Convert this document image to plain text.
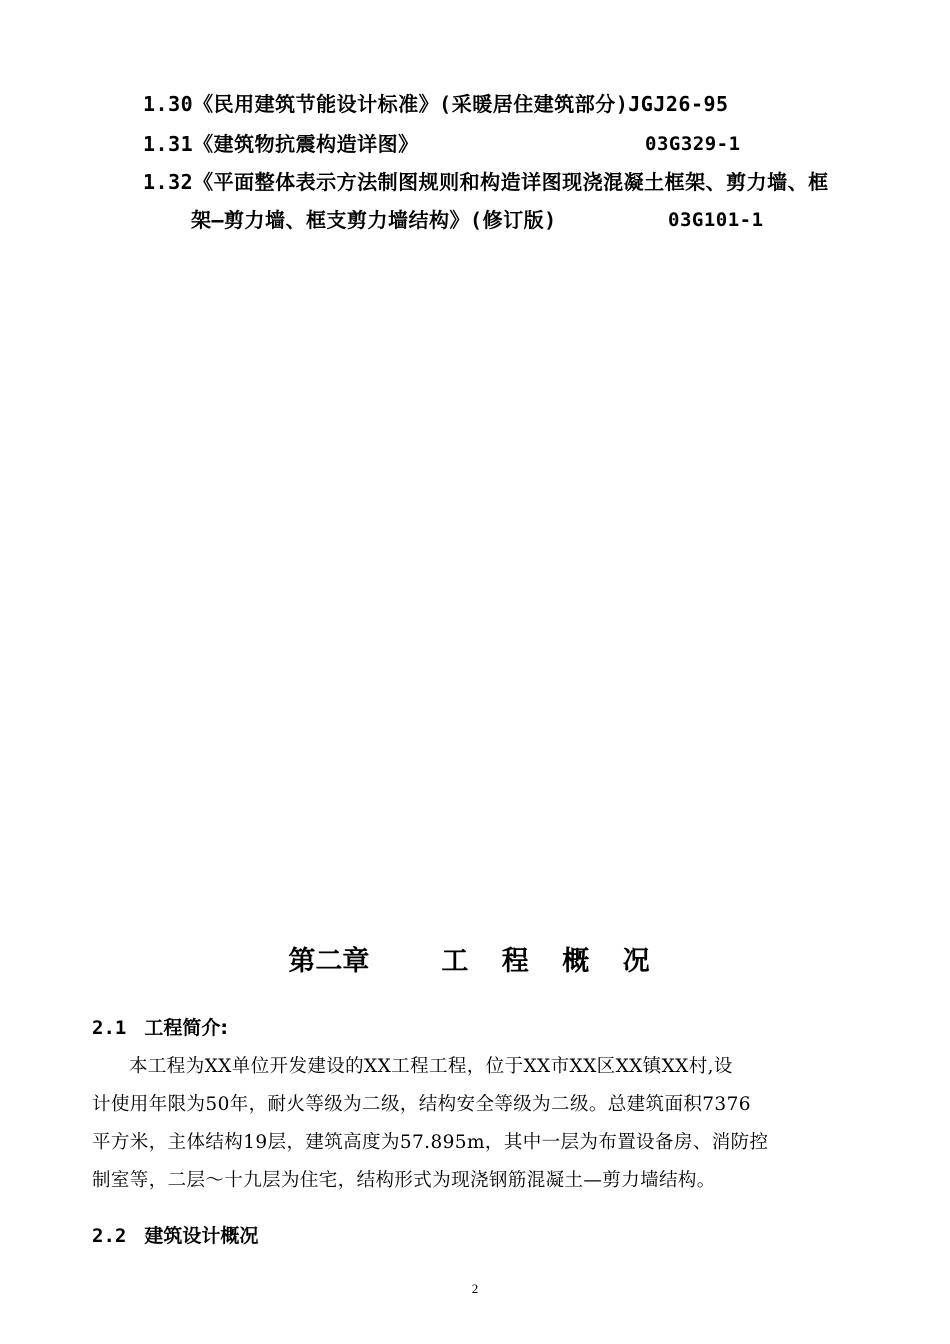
1.30《民用建筑节能设计标准》(采暖居住建筑部分)JGJ26-95
1.31《建筑物抗震构造详图》	03G329-1
1.32《平面整体表示方法制图规则和构造详图现浇混凝土框架、剪力墙、框
架—剪力墙、框支剪力墙结构》(修订版)	03G101-1
第二章	工 程 概 况
2.1 工程简介:
本工程为XX单位开发建设的XX工程工程，位于XX市XX区XX镇XX村,设
计使用年限为50年，耐火等级为二级，结构安全等级为二级。总建筑面积7376
平方米，主体结构19层，建筑高度为57.895m，其中一层为布置设备房、消防控
制室等，二层～十九层为住宅，结构形式为现浇钢筋混凝土—剪力墙结构。
2.2 建筑设计概况
2
